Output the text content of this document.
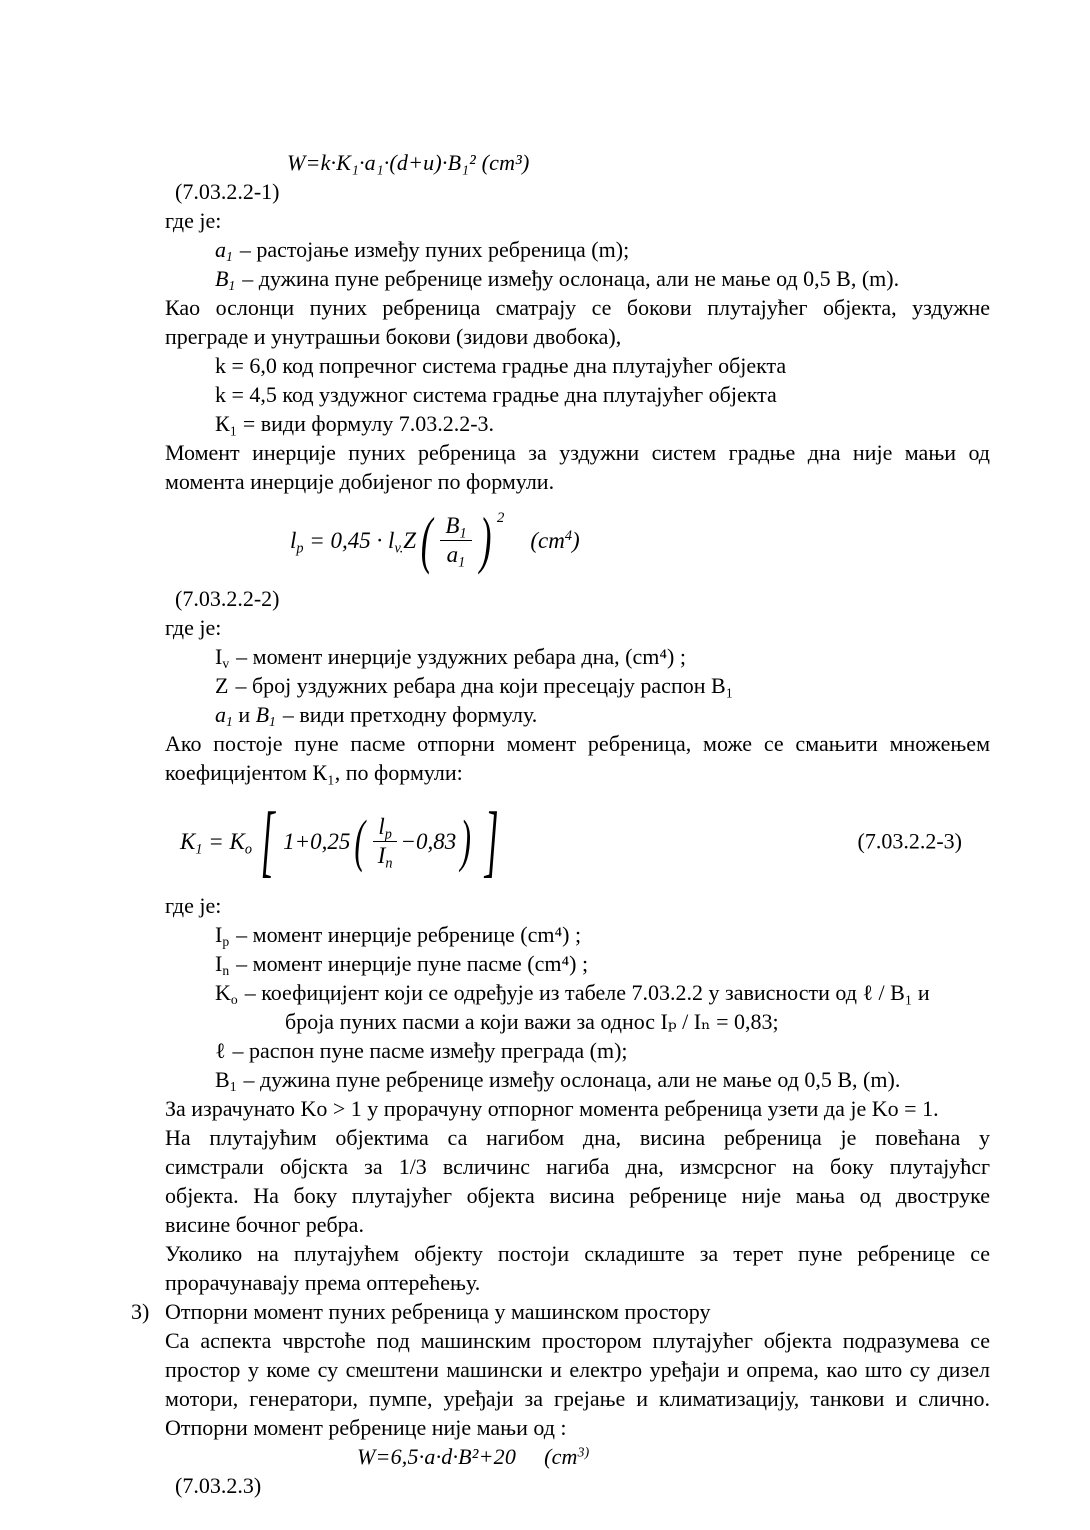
W=k·K₁·a₁·(d+u)·B₁² (cm³)
(7.03.2.2-1)
где је:
$a_1$ – растојање између пуних ребреница (m);
$B_1$ – дужина пуне ребренице између ослонаца, али не мање од 0,5 B, (m).
Као ослонци пуних ребреница сматрају се бокови плутајућег објекта, уздужне
преграде и унутрашњи бокови (зидови двобока),
k = 6,0 код попречног система градње дна плутајућег објекта
k = 4,5 код уздужног система градње дна плутајућег објекта
К₁ = види формулу 7.03.2.2-3.
Момент инерције пуних ребреница за уздужни систем градње дна није мањи од
момента инерције добијеног по формули.
$l_p = 0,45 \cdot l_{v.}Z$ ( $\frac{B_1}{a_1}$ ) 2
$(cm^4)$
(7.03.2.2-2)
где је:
$I_v$ – момент инерције уздужних ребара дна, (cm⁴) ;
Z – број уздужних ребара дна који пресецају распон B₁
$a_1$ и $B_1$ – види претходну формулу.
Ако постоје пуне пасме отпорни момент ребреница, може се смањити множењем
коефицијентом К₁, по формули:
$K_1 = K_o$ [ 1+0,25 ( $\frac{l_p}{I_n} -0,83$ ) ]	(7.03.2.2-3)
где је:
$I_p$ – момент инерције ребренице (cm⁴) ;
$I_n$ – момент инерције пуне пасме (cm⁴) ;
$K_o$ – коефицијент који се одређује из табеле 7.03.2.2 у зависности од ℓ / B₁ и
броја пуних пасми а који важи за однос Iₚ / Iₙ = 0,83;
ℓ – распон пуне пасме између преграда (m);
$B_1$ – дужина пуне ребренице између ослонаца, али не мање од 0,5 B, (m).
За израчунато Ko > 1 у прорачуну отпорног момента ребреница узети да је Ko = 1.
На плутајућим објектима са нагибом дна, висина ребреница је повећана у
симстрали објскта за 1/3 всличинс нагиба дна, измсрсног на боку плутајућсг
објекта. На боку плутајућег објекта висина ребренице није мања од двоструке
висине бочног ребра.
Уколико на плутајућем објекту постоји складиште за терет пуне ребренице се
прорачунавају према оптерећењу.
3) Отпорни момент пуних ребреница у машинском простору
Са аспекта чврстоће под машинским простором плутајућег објекта подразумева се
простор у коме су смештени машински и електро уређаји и опрема, као што су дизел
мотори, генератори, пумпе, уређаји за грејање и климатизацију, танкови и слично.
Отпорни момент ребренице није мањи од :
W=6,5·a·d·B²+20 ($cm^{3)}$
(7.03.2.3)
